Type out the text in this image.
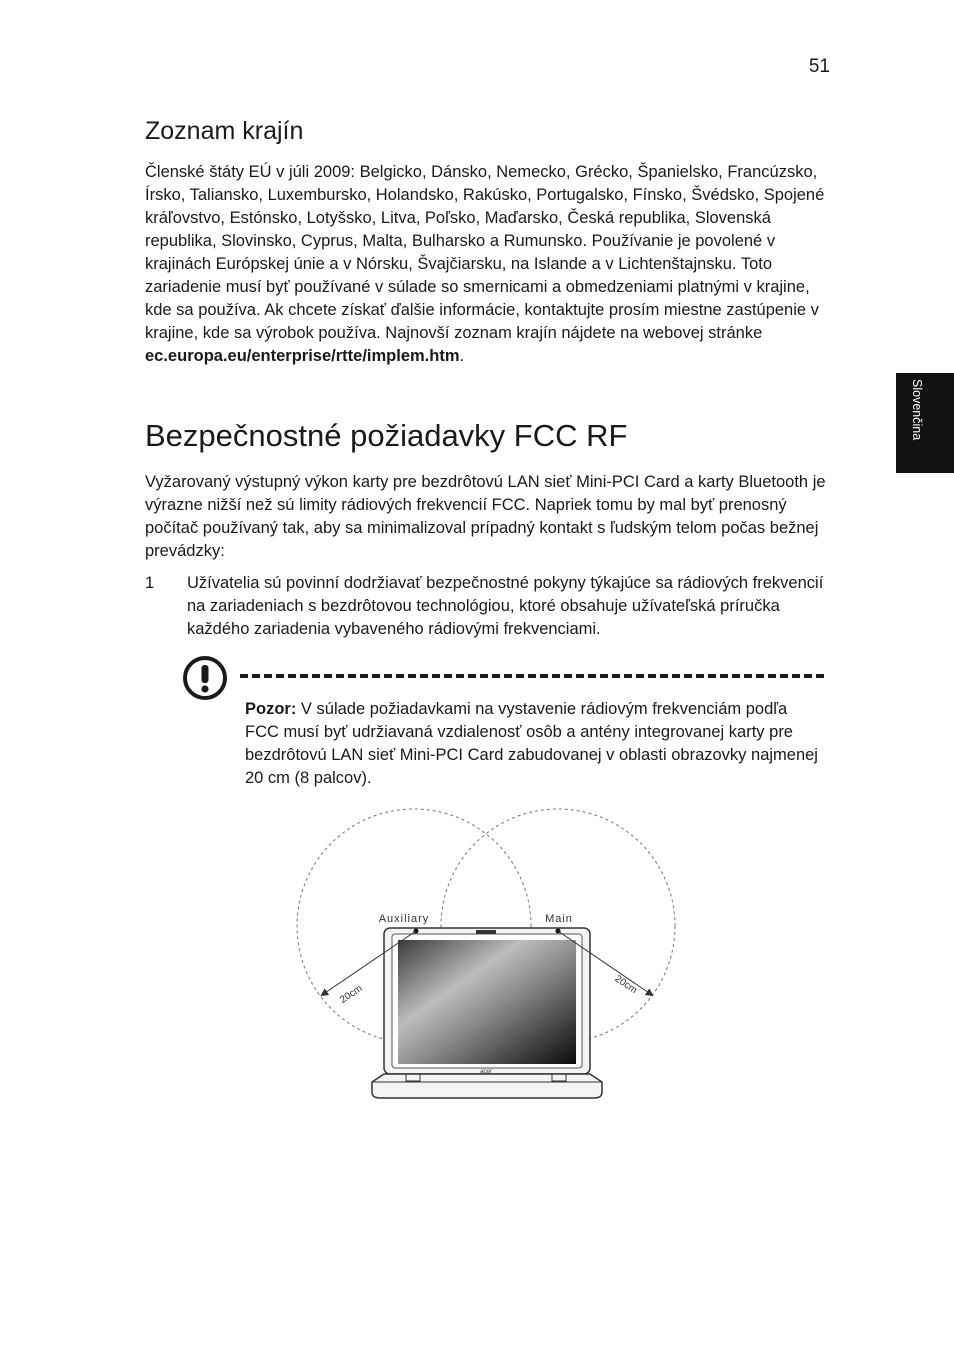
51
Slovenčina
Zoznam krajín

Členské štáty EÚ v júli 2009: Belgicko, Dánsko, Nemecko, Grécko, Španielsko, Francúzsko, Írsko, Taliansko, Luxembursko, Holandsko, Rakúsko, Portugalsko, Fínsko, Švédsko, Spojené kráľovstvo, Estónsko, Lotyšsko, Litva, Poľsko, Maďarsko, Česká republika, Slovenská republika, Slovinsko, Cyprus, Malta, Bulharsko a Rumunsko. Používanie je povolené v krajinách Európskej únie a v Nórsku, Švajčiarsku, na Islande a v Lichtenštajnsku. Toto zariadenie musí byť používané v súlade so smernicami a obmedzeniami platnými v krajine, kde sa používa. Ak chcete získať ďalšie informácie, kontaktujte prosím miestne zastúpenie v krajine, kde sa výrobok používa. Najnovší zoznam krajín nájdete na webovej stránke ec.europa.eu/enterprise/rtte/implem.htm.

Bezpečnostné požiadavky FCC RF

Vyžarovaný výstupný výkon karty pre bezdrôtovú LAN sieť Mini-PCI Card a karty Bluetooth je výrazne nižší než sú limity rádiových frekvencií FCC. Napriek tomu by mal byť prenosný počítač používaný tak, aby sa minimalizoval prípadný kontakt s ľudským telom počas bežnej prevádzky:

1 Užívatelia sú povinní dodržiavať bezpečnostné pokyny týkajúce sa rádiových frekvencií na zariadeniach s bezdrôtovou technológiou, ktoré obsahuje užívateľská príručka každého zariadenia vybaveného rádiovými frekvenciami.

Pozor: V súlade požiadavkami na vystavenie rádiovým frekvenciám podľa FCC musí byť udržiavaná vzdialenosť osôb a antény integrovanej karty pre bezdrôtovú LAN sieť Mini-PCI Card zabudovanej v oblasti obrazovky najmenej 20 cm (8 palcov).

acer
Auxiliary	Main
20cm	20cm
